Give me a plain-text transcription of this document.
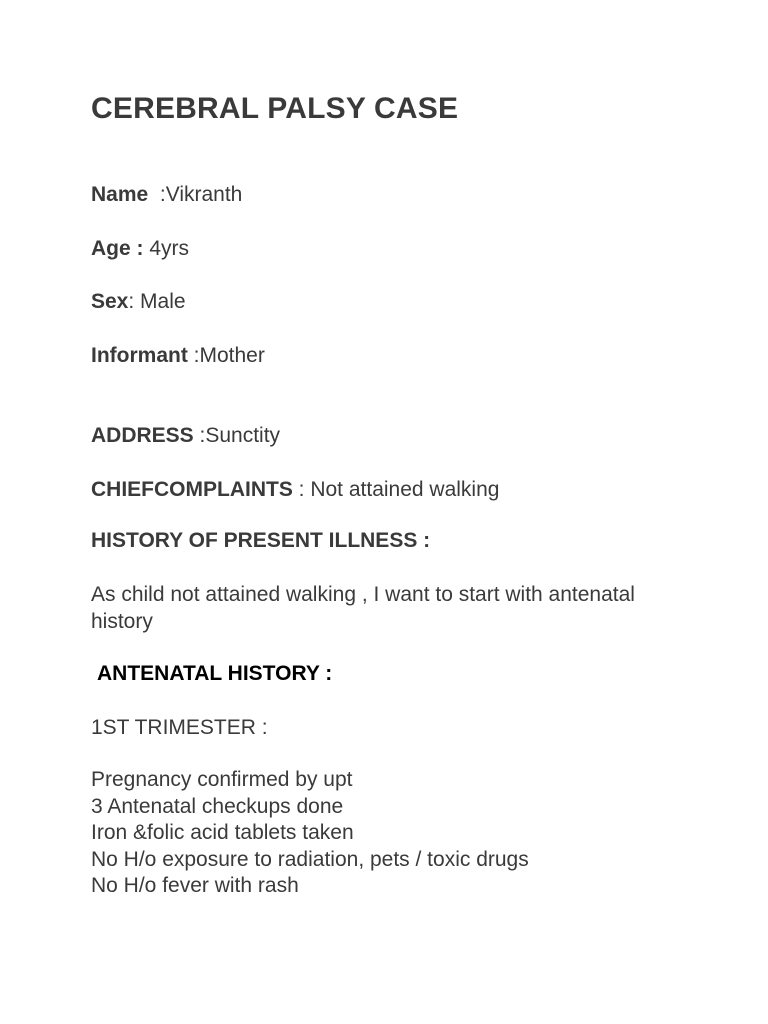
CEREBRAL PALSY CASE
Name  :Vikranth
Age : 4yrs
Sex: Male
Informant :Mother
ADDRESS :Sunctity
CHIEFCOMPLAINTS : Not attained walking
HISTORY OF PRESENT ILLNESS :
As child not attained walking , I want to start with antenatal history
ANTENATAL HISTORY :
1ST TRIMESTER :
Pregnancy confirmed by upt
3 Antenatal checkups done
Iron &folic acid tablets taken
No H/o exposure to radiation, pets / toxic drugs
No H/o fever with rash
